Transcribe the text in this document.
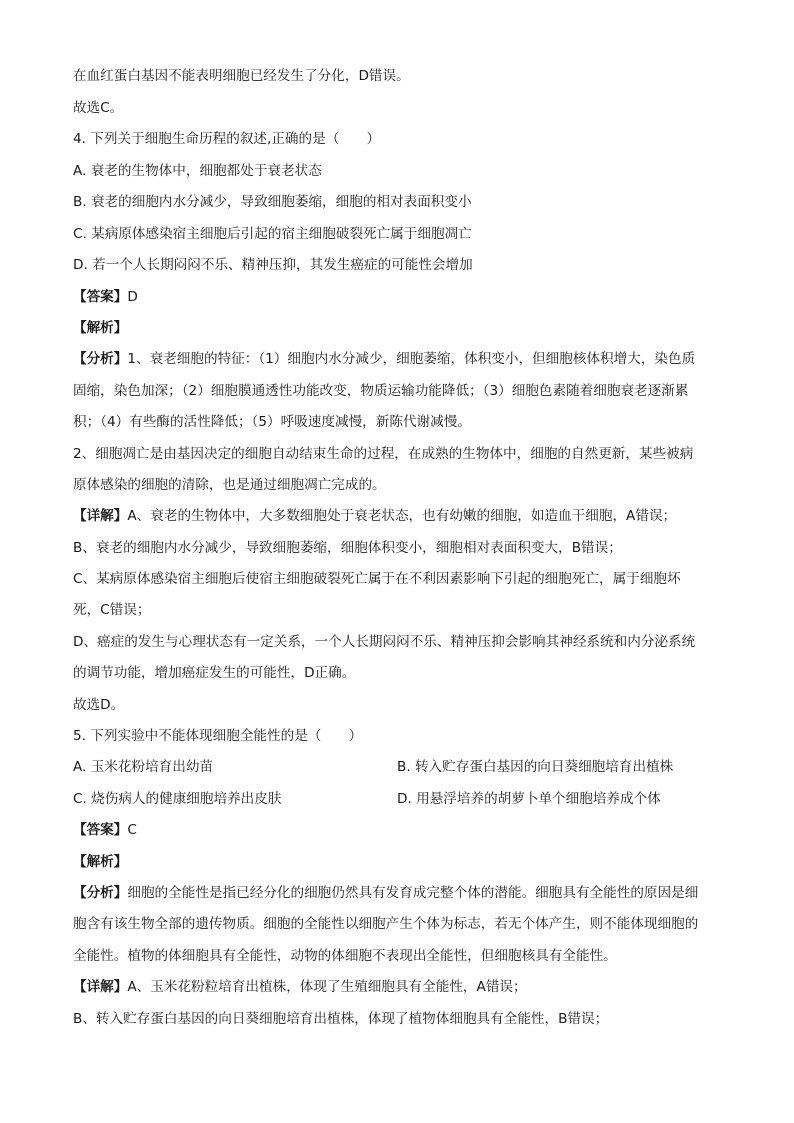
在血红蛋白基因不能表明细胞已经发生了分化，D错误。
故选C。
4. 下列关于细胞生命历程的叙述,正确的是（　　）
A. 衰老的生物体中，细胞都处于衰老状态
B. 衰老的细胞内水分减少，导致细胞萎缩，细胞的相对表面积变小
C. 某病原体感染宿主细胞后引起的宿主细胞破裂死亡属于细胞凋亡
D. 若一个人长期闷闷不乐、精神压抑，其发生癌症的可能性会增加
【答案】D
【解析】
【分析】1、衰老细胞的特征：（1）细胞内水分减少，细胞萎缩，体积变小，但细胞核体积增大，染色质
固缩，染色加深；（2）细胞膜通透性功能改变，物质运输功能降低；（3）细胞色素随着细胞衰老逐渐累
积；（4）有些酶的活性降低；（5）呼吸速度减慢，新陈代谢减慢。
2、细胞凋亡是由基因决定的细胞自动结束生命的过程，在成熟的生物体中，细胞的自然更新，某些被病
原体感染的细胞的清除，也是通过细胞凋亡完成的。
【详解】A、衰老的生物体中，大多数细胞处于衰老状态，也有幼嫩的细胞，如造血干细胞，A错误；
B、衰老的细胞内水分减少，导致细胞萎缩，细胞体积变小，细胞相对表面积变大，B错误；
C、某病原体感染宿主细胞后使宿主细胞破裂死亡属于在不利因素影响下引起的细胞死亡，属于细胞坏
死，C错误；
D、癌症的发生与心理状态有一定关系，一个人长期闷闷不乐、精神压抑会影响其神经系统和内分泌系统
的调节功能，增加癌症发生的可能性，D正确。
故选D。
5. 下列实验中不能体现细胞全能性的是（　　）
A. 玉米花粉培育出幼苗	B. 转入贮存蛋白基因的向日葵细胞培育出植株
C. 烧伤病人的健康细胞培养出皮肤	D. 用悬浮培养的胡萝卜单个细胞培养成个体
【答案】C
【解析】
【分析】细胞的全能性是指已经分化的细胞仍然具有发育成完整个体的潜能。细胞具有全能性的原因是细
胞含有该生物全部的遗传物质。细胞的全能性以细胞产生个体为标志，若无个体产生，则不能体现细胞的
全能性。植物的体细胞具有全能性，动物的体细胞不表现出全能性，但细胞核具有全能性。
【详解】A、玉米花粉粒培育出植株，体现了生殖细胞具有全能性，A错误；
B、转入贮存蛋白基因的向日葵细胞培育出植株，体现了植物体细胞具有全能性，B错误；
